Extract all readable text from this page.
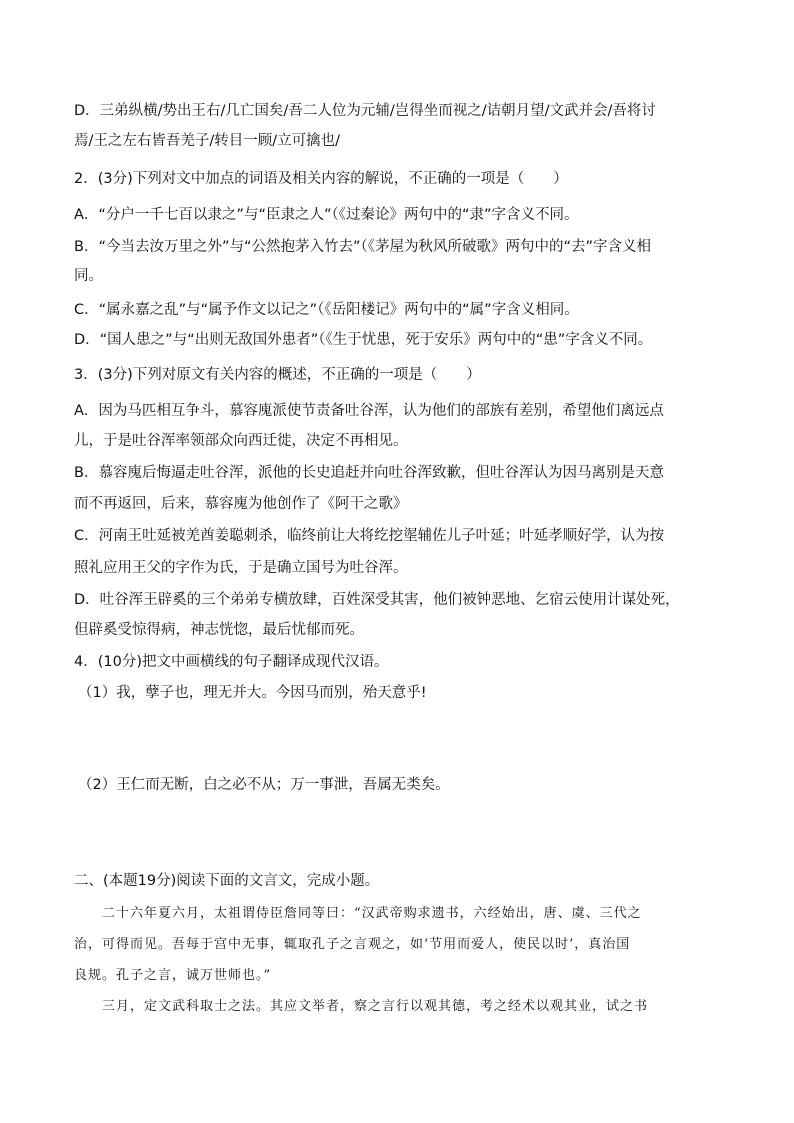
D．三弟纵横/势出王右/几亡国矣/吾二人位为元辅/岂得坐而视之/诘朝月望/文武并会/吾将讨
焉/王之左右皆吾羌子/转目一顾/立可擒也/
2．(3分)下列对文中加点的词语及相关内容的解说，不正确的一项是（　　）
A．“分户一千七百以隶之”与“臣隶之人”（《过秦论》两句中的“隶”字含义不同。
B．“今当去汝万里之外”与“公然抱茅入竹去”（《茅屋为秋风所破歌》两句中的“去”字含义相
同。
C．“属永嘉之乱”与“属予作文以记之”（《岳阳楼记》两句中的“属”字含义相同。
D．“国人患之”与“出则无敌国外患者”（《生于忧患，死于安乐》两句中的“患”字含义不同。
3．(3分)下列对原文有关内容的概述，不正确的一项是（　　）
A．因为马匹相互争斗，慕容廆派使节责备吐谷浑，认为他们的部族有差别，希望他们离远点
儿，于是吐谷浑率领部众向西迁徙，决定不再相见。
B．慕容廆后悔逼走吐谷浑，派他的长史追赶并向吐谷浑致歉，但吐谷浑认为因马离别是天意
而不再返回，后来，慕容廆为他创作了《阿干之歌》
C．河南王吐延被羌酋姜聪刺杀，临终前让大将纥挖埿辅佐儿子叶延；叶延孝顺好学，认为按
照礼应用王父的字作为氏，于是确立国号为吐谷浑。
D．吐谷浑王辟奚的三个弟弟专横放肆，百姓深受其害，他们被钟恶地、乞宿云使用计谋处死，
但辟奚受惊得病，神志恍惚，最后忧郁而死。
4．(10分)把文中画横线的句子翻译成现代汉语。
（1）我，孽子也，理无并大。今因马而别，殆天意乎!
（2）王仁而无断，白之必不从；万一事泄，吾属无类矣。
二、(本题19分)阅读下面的文言文，完成小题。
二十六年夏六月，太祖谓侍臣詹同等曰：“汉武帝购求遗书，六经始出，唐、虞、三代之
治，可得而见。吾每于宫中无事，辄取孔子之言观之，如‘节用而爱人，使民以时’，真治国
良规。孔子之言，诚万世师也。”
三月，定文武科取士之法。其应文举者，察之言行以观其德，考之经术以观其业，试之书
